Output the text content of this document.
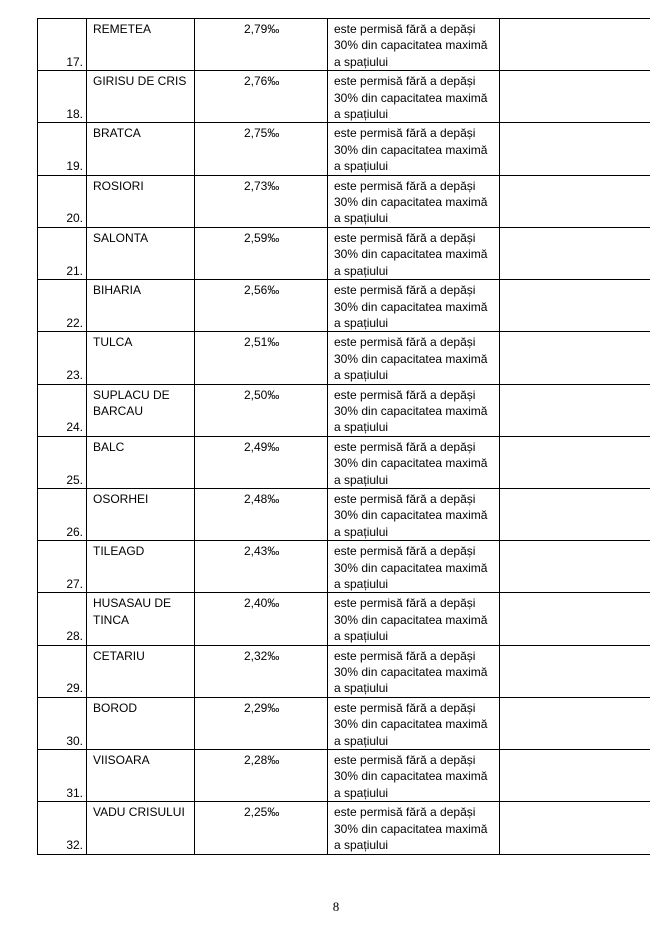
17.	REMETEA	2,79‰	este permisă fără a depăși
30% din capacitatea maximă
a spațiului	

18.	GIRISU DE CRIS	2,76‰	este permisă fără a depăși
30% din capacitatea maximă
a spațiului	

19.	BRATCA	2,75‰	este permisă fără a depăși
30% din capacitatea maximă
a spațiului	

20.	ROSIORI	2,73‰	este permisă fără a depăși
30% din capacitatea maximă
a spațiului	

21.	SALONTA	2,59‰	este permisă fără a depăși
30% din capacitatea maximă
a spațiului	

22.	BIHARIA	2,56‰	este permisă fără a depăși
30% din capacitatea maximă
a spațiului	

23.	TULCA	2,51‰	este permisă fără a depăși
30% din capacitatea maximă
a spațiului	

24.	SUPLACU DE BARCAU	2,50‰	este permisă fără a depăși
30% din capacitatea maximă
a spațiului	

25.	BALC	2,49‰	este permisă fără a depăși
30% din capacitatea maximă
a spațiului	

26.	OSORHEI	2,48‰	este permisă fără a depăși
30% din capacitatea maximă
a spațiului	

27.	TILEAGD	2,43‰	este permisă fără a depăși
30% din capacitatea maximă
a spațiului	

28.	HUSASAU DE TINCA	2,40‰	este permisă fără a depăși
30% din capacitatea maximă
a spațiului	

29.	CETARIU	2,32‰	este permisă fără a depăși
30% din capacitatea maximă
a spațiului	

30.	BOROD	2,29‰	este permisă fără a depăși
30% din capacitatea maximă
a spațiului	

31.	VIISOARA	2,28‰	este permisă fără a depăși
30% din capacitatea maximă
a spațiului	

32.	VADU CRISULUI	2,25‰	este permisă fără a depăși
30% din capacitatea maximă
a spațiului	

8
